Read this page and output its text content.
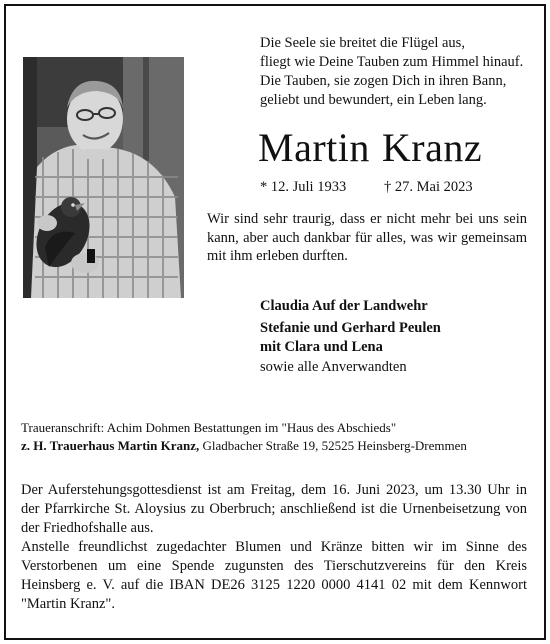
Die Seele sie breitet die Flügel aus,
fliegt wie Deine Tauben zum Himmel hinauf.
Die Tauben, sie zogen Dich in ihren Bann,
geliebt und bewundert, ein Leben lang.
Martin Kranz
* 12. Juli 1933	† 27. Mai 2023
Wir sind sehr traurig, dass er nicht mehr bei uns sein
kann, aber auch dankbar für alles, was wir gemeinsam
mit ihm erleben durften.
Claudia Auf der Landwehr
Stefanie und Gerhard Peulen
mit Clara und Lena
sowie alle Anverwandten
Traueranschrift: Achim Dohmen Bestattungen im "Haus des Abschieds"
z. H. Trauerhaus Martin Kranz, Gladbacher Straße 19, 52525 Heinsberg-Dremmen
Der Auferstehungsgottesdienst ist am Freitag, dem 16. Juni 2023, um 13.30 Uhr in
der Pfarrkirche St. Aloysius zu Oberbruch; anschließend ist die Urnenbeisetzung von
der Friedhofshalle aus.
Anstelle freundlichst zugedachter Blumen und Kränze bitten wir im Sinne des
Verstorbenen um eine Spende zugunsten des Tierschutzvereins für den Kreis
Heinsberg e. V. auf die IBAN DE26 3125 1220 0000 4141 02 mit dem Kennwort
"Martin Kranz".
